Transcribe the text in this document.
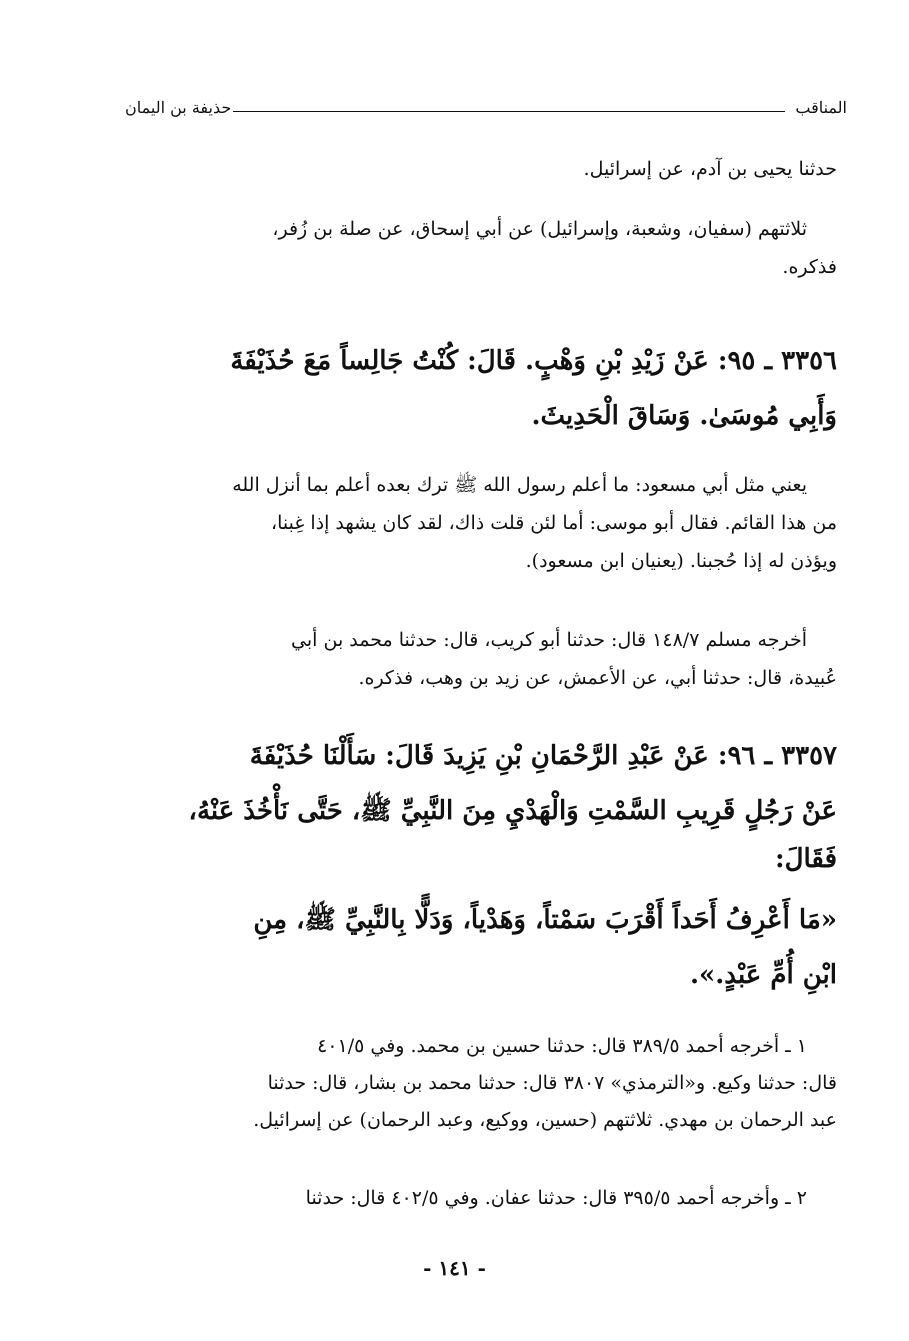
المناقب
حذيفة بن اليمان
حدثنا يحيى بن آدم، عن إسرائيل.
ثلاثتهم (سفيان، وشعبة، وإسرائيل) عن أبي إسحاق، عن صلة بن زُفر،
فذكره.
٣٣٥٦ ـ ٩٥: عَنْ زَيْدِ بْنِ وَهْبٍ. قَالَ: كُنْتُ جَالِساً مَعَ حُذَيْفَةَ
وَأَبِي مُوسَىٰ. وَسَاقَ الْحَدِيثَ.
يعني مثل أبي مسعود: ما أعلم رسول الله ﷺ ترك بعده أعلم بما أنزل الله
من هذا القائم. فقال أبو موسى: أما لئن قلت ذاك، لقد كان يشهد إذا غِبنا،
ويؤذن له إذا حُجبنا. (يعنيان ابن مسعود).
أخرجه مسلم ١٤٨/٧ قال: حدثنا أبو كريب، قال: حدثنا محمد بن أبي
عُبيدة، قال: حدثنا أبي، عن الأعمش، عن زيد بن وهب، فذكره.
٣٣٥٧ ـ ٩٦: عَنْ عَبْدِ الرَّحْمَانِ بْنِ يَزِيدَ قَالَ: سَأَلْنَا حُذَيْفَةَ
عَنْ رَجُلٍ قَرِيبِ السَّمْتِ وَالْهَدْيِ مِنَ النَّبِيِّ ﷺ، حَتَّى نَأْخُذَ عَنْهُ،
فَقَالَ:
«مَا أَعْرِفُ أَحَداً أَقْرَبَ سَمْتاً، وَهَدْياً، وَدَلًّا بِالنَّبِيِّ ﷺ، مِنِ
ابْنِ أُمِّ عَبْدٍ.».
١ ـ أخرجه أحمد ٣٨٩/٥ قال: حدثنا حسين بن محمد. وفي ٤٠١/٥
قال: حدثنا وكيع. و«الترمذي» ٣٨٠٧ قال: حدثنا محمد بن بشار، قال: حدثنا
عبد الرحمان بن مهدي. ثلاثتهم (حسين، ووكيع، وعبد الرحمان) عن إسرائيل.
٢ ـ وأخرجه أحمد ٣٩٥/٥ قال: حدثنا عفان. وفي ٤٠٢/٥ قال: حدثنا
- ١٤١ -
